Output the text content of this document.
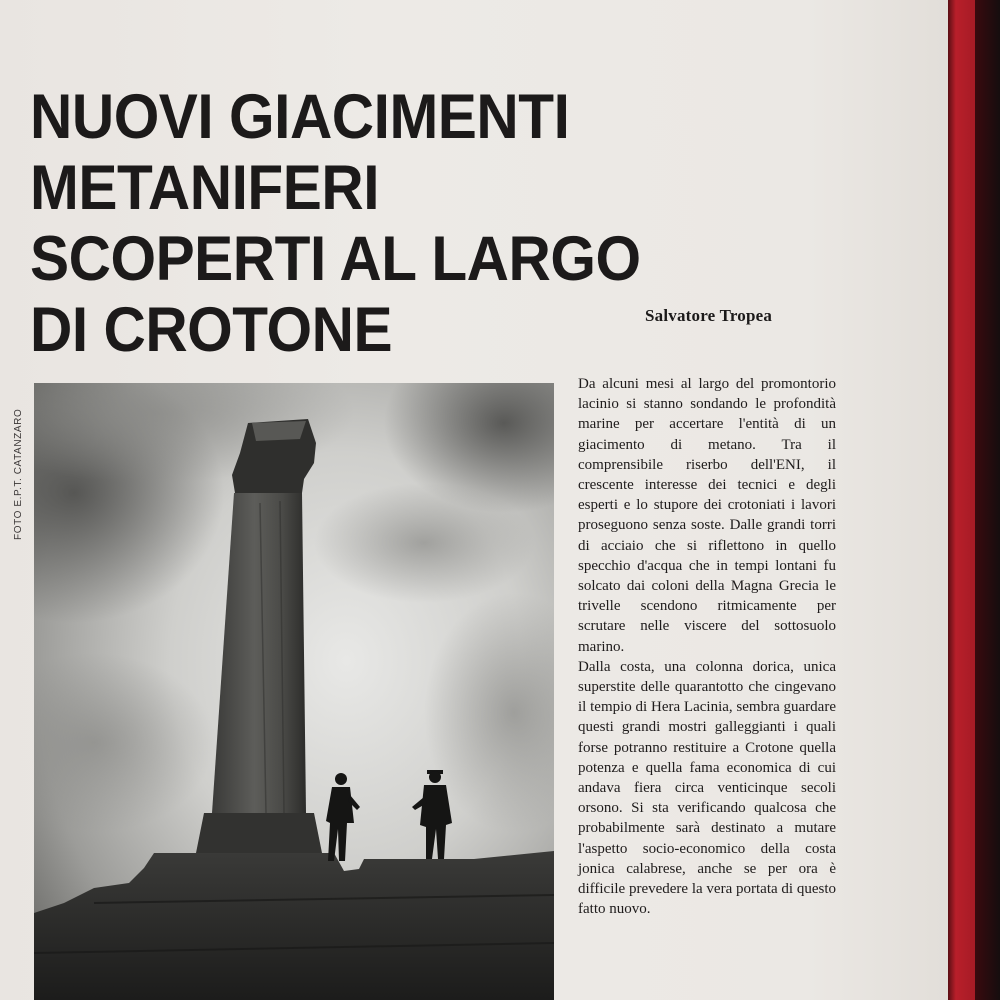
NUOVI GIACIMENTI
METANIFERI
SCOPERTI AL LARGO
DI CROTONE	Salvatore Tropea
FOTO E.P.T. CATANZARO

Da alcuni mesi al largo del promontorio lacinio si stanno sondando le profondità marine per accertare l'entità di un giacimento di metano. Tra il comprensibile riserbo dell'ENI, il crescente interesse dei tecnici e degli esperti e lo stupore dei crotoniati i lavori proseguono senza soste. Dalle grandi torri di acciaio che si riflettono in quello specchio d'acqua che in tempi lontani fu solcato dai coloni della Magna Grecia le trivelle scendono ritmicamente per scrutare nelle viscere del sottosuolo marino.

Dalla costa, una colonna dorica, unica superstite delle quarantotto che cingevano il tempio di Hera Lacinia, sembra guardare questi grandi mostri galleggianti i quali forse potranno restituire a Crotone quella potenza e quella fama economica di cui andava fiera circa venticinque secoli orsono. Si sta verificando qualcosa che probabilmente sarà destinato a mutare l'aspetto socio-economico della costa jonica calabrese, anche se per ora è difficile prevedere la vera portata di questo fatto nuovo.
